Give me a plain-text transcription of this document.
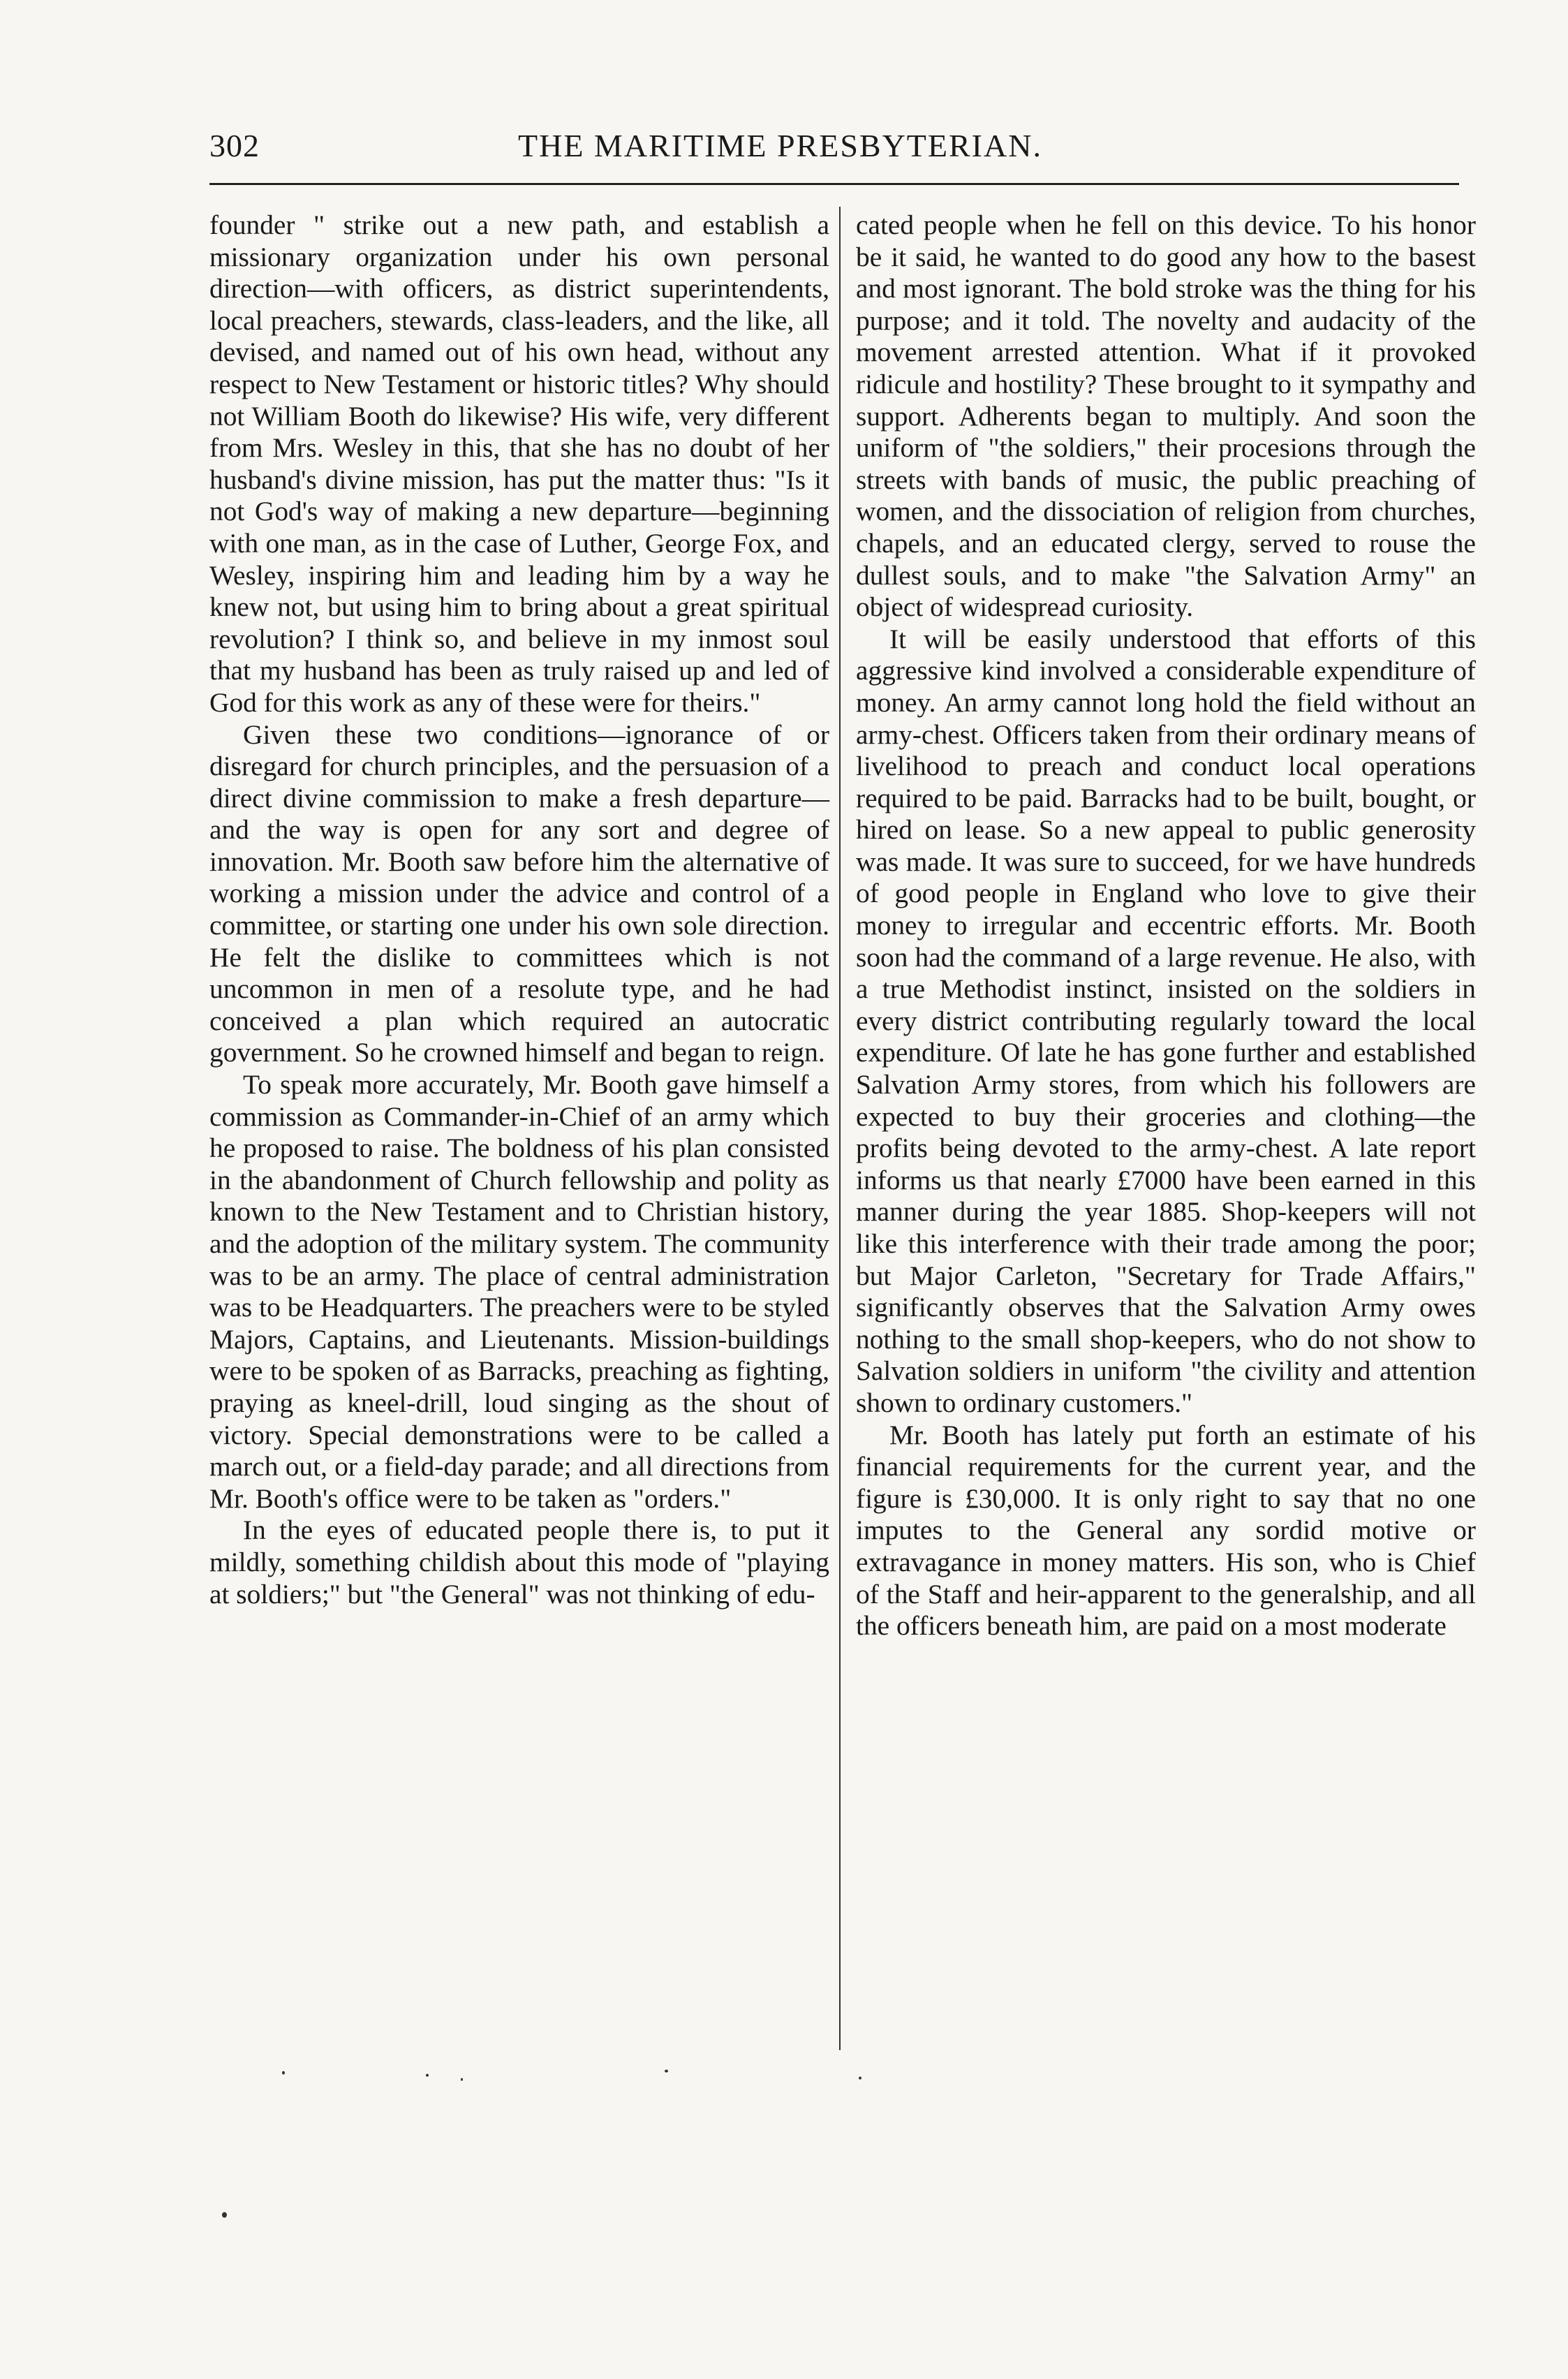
302	THE MARITIME PRESBYTERIAN.

founder " strike out a new path, and establish a missionary organization under his own personal direction—with officers, as district superintendents, local preachers, stewards, class-leaders, and the like, all devised, and named out of his own head, without any respect to New Testament or historic titles? Why should not William Booth do likewise? His wife, very different from Mrs. Wesley in this, that she has no doubt of her husband's divine mission, has put the matter thus: "Is it not God's way of making a new departure—beginning with one man, as in the case of Luther, George Fox, and Wesley, inspiring him and leading him by a way he knew not, but using him to bring about a great spiritual revolution? I think so, and believe in my inmost soul that my husband has been as truly raised up and led of God for this work as any of these were for theirs."

Given these two conditions—ignorance of or disregard for church principles, and the persuasion of a direct divine commission to make a fresh departure—and the way is open for any sort and degree of innovation. Mr. Booth saw before him the alternative of working a mission under the advice and control of a committee, or starting one under his own sole direction. He felt the dislike to committees which is not uncommon in men of a resolute type, and he had conceived a plan which required an autocratic government. So he crowned himself and began to reign.

To speak more accurately, Mr. Booth gave himself a commission as Commander-in-Chief of an army which he proposed to raise. The boldness of his plan consisted in the abandonment of Church fellowship and polity as known to the New Testament and to Christian history, and the adoption of the military system. The community was to be an army. The place of central administration was to be Headquarters. The preachers were to be styled Majors, Captains, and Lieutenants. Mission-buildings were to be spoken of as Barracks, preaching as fighting, praying as kneel-drill, loud singing as the shout of victory. Special demonstrations were to be called a march out, or a field-day parade; and all directions from Mr. Booth's office were to be taken as "orders."

In the eyes of educated people there is, to put it mildly, something childish about this mode of "playing at soldiers;" but "the General" was not thinking of edu-

cated people when he fell on this device. To his honor be it said, he wanted to do good any how to the basest and most ignorant. The bold stroke was the thing for his purpose; and it told. The novelty and audacity of the movement arrested attention. What if it provoked ridicule and hostility? These brought to it sympathy and support. Adherents began to multiply. And soon the uniform of "the soldiers," their procesions through the streets with bands of music, the public preaching of women, and the dissociation of religion from churches, chapels, and an educated clergy, served to rouse the dullest souls, and to make "the Salvation Army" an object of widespread curiosity.

It will be easily understood that efforts of this aggressive kind involved a considerable expenditure of money. An army cannot long hold the field without an army-chest. Officers taken from their ordinary means of livelihood to preach and conduct local operations required to be paid. Barracks had to be built, bought, or hired on lease. So a new appeal to public generosity was made. It was sure to succeed, for we have hundreds of good people in England who love to give their money to irregular and eccentric efforts. Mr. Booth soon had the command of a large revenue. He also, with a true Methodist instinct, insisted on the soldiers in every district contributing regularly toward the local expenditure. Of late he has gone further and established Salvation Army stores, from which his followers are expected to buy their groceries and clothing—the profits being devoted to the army-chest. A late report informs us that nearly £7000 have been earned in this manner during the year 1885. Shop-keepers will not like this interference with their trade among the poor; but Major Carleton, "Secretary for Trade Affairs," significantly observes that the Salvation Army owes nothing to the small shop-keepers, who do not show to Salvation soldiers in uniform "the civility and attention shown to ordinary customers."

Mr. Booth has lately put forth an estimate of his financial requirements for the current year, and the figure is £30,000. It is only right to say that no one imputes to the General any sordid motive or extravagance in money matters. His son, who is Chief of the Staff and heir-apparent to the generalship, and all the officers beneath him, are paid on a most moderate
